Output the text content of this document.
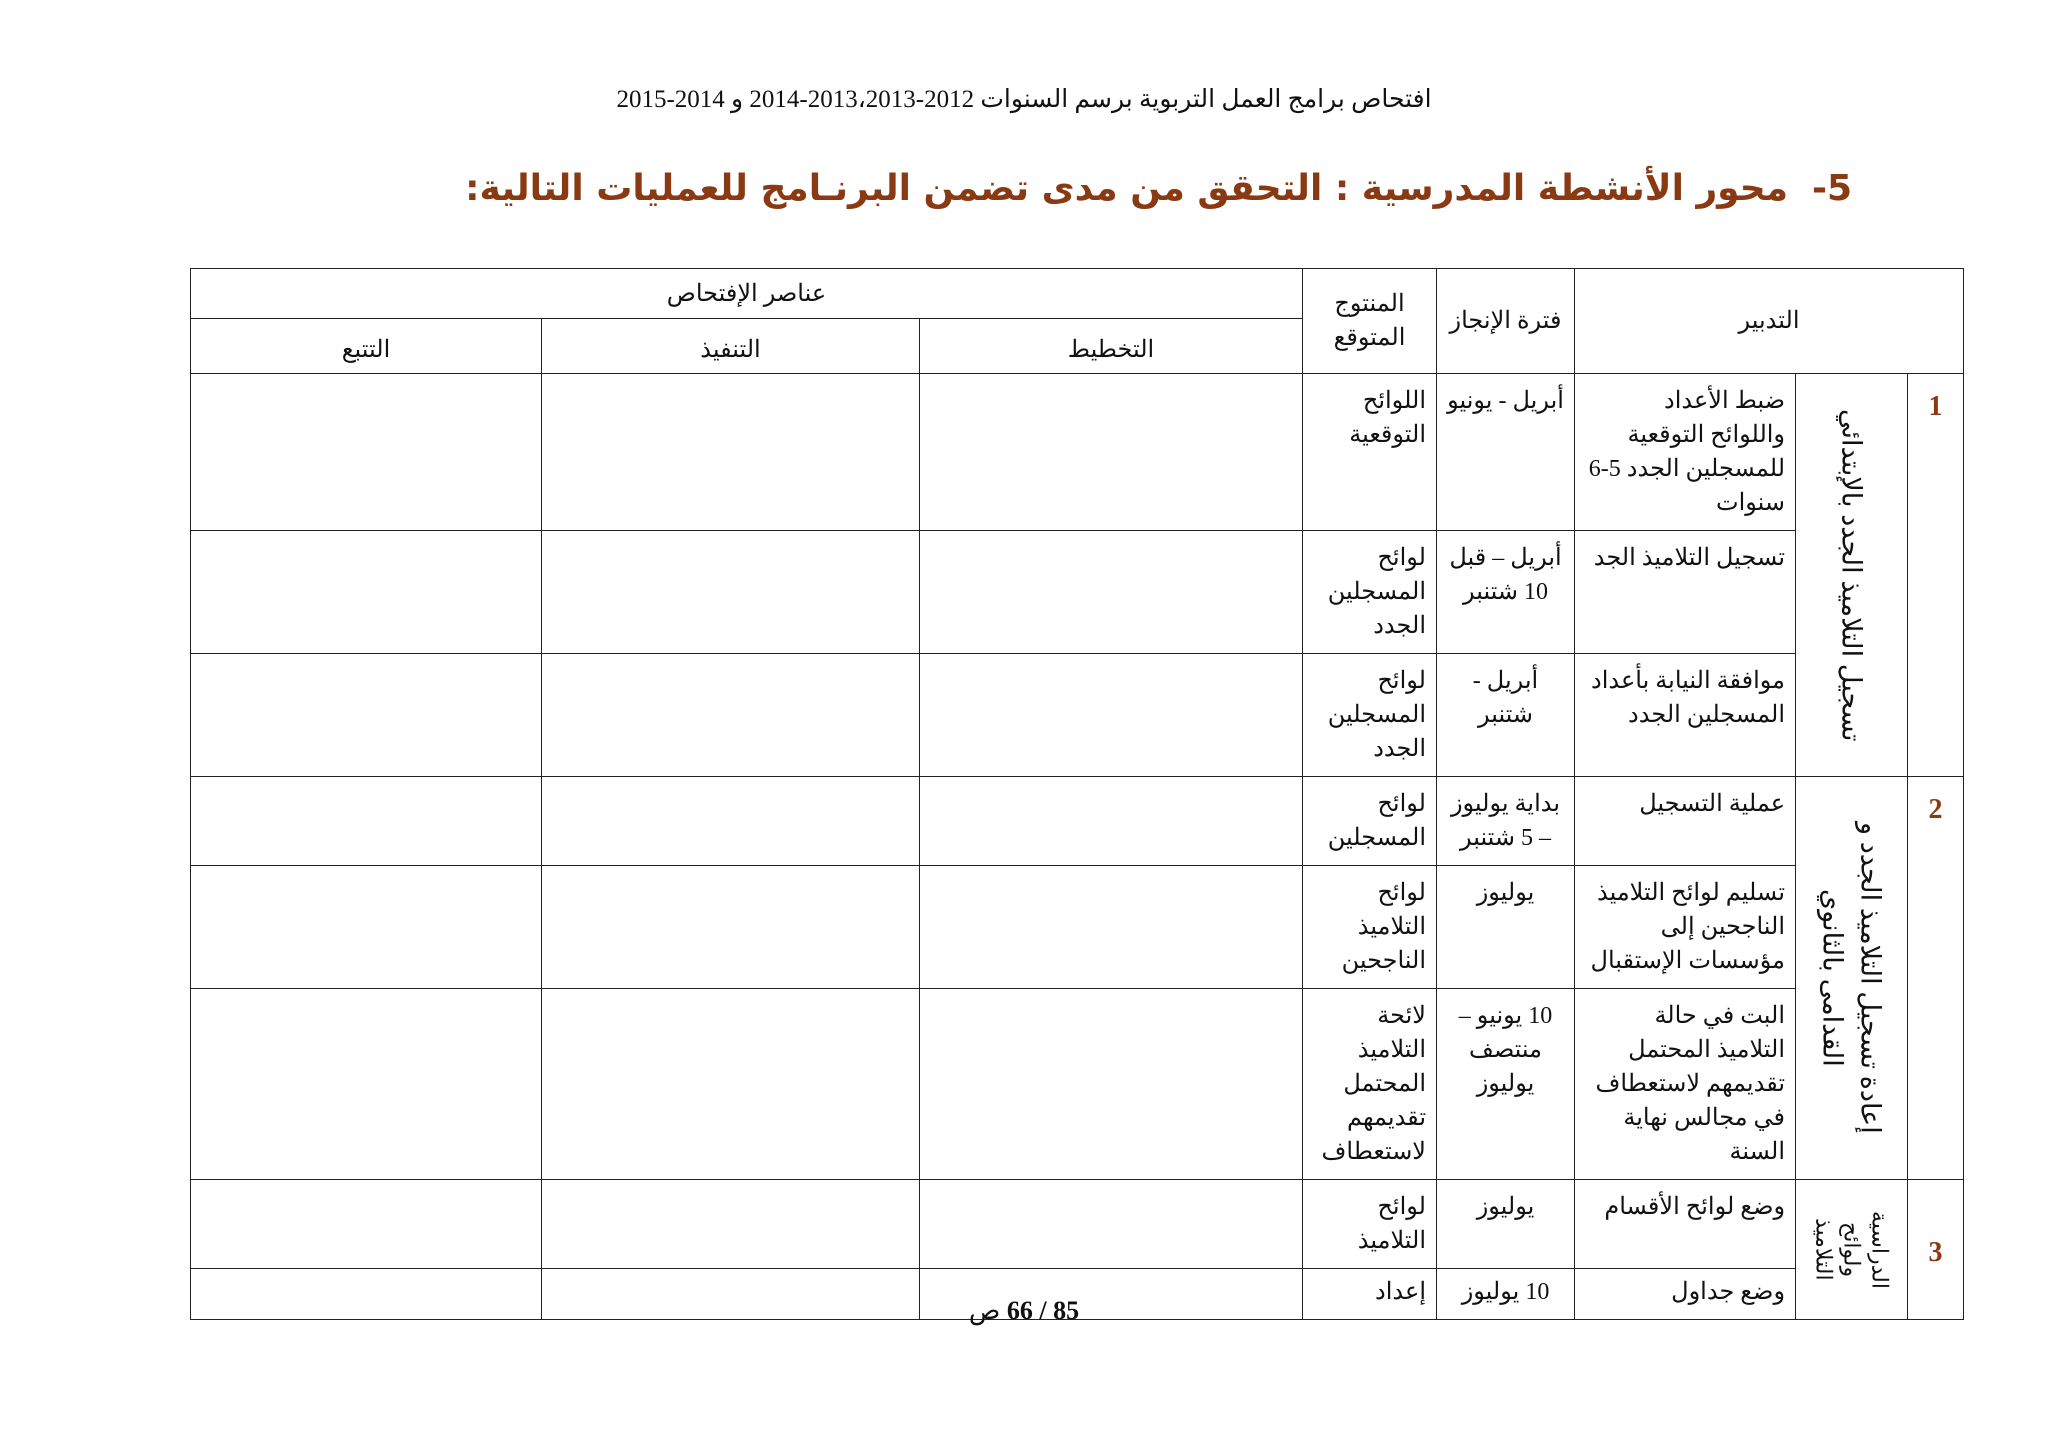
افتحاص برامج العمل التربوية برسم السنوات 2012-2013،2013-2014 و 2014-2015
5-محور الأنشطة المدرسية : التحقق من مدى تضمن البرنـامج للعمليات التالية:
التدبير			فترة الإنجاز	المنتوج المتوقع	عناصر الإفتحاص		
					التخطيط	التنفيذ	التتبع
1	تسجيل التلاميذ الجدد بالإبتدائي	ضبط الأعداد واللوائح التوقعية للمسجلين الجدد 5-6 سنوات	أبريل - يونيو	اللوائح التوقعية			
		تسجيل التلاميذ الجد	أبريل – قبل 10 شتنبر	لوائح المسجلين الجدد			
		موافقة النيابة بأعداد المسجلين الجدد	أبريل - شتنبر	لوائح المسجلين الجدد			
2	إعادة تسجيل التلاميذ الجدد و القدامى بالثانوي	عملية التسجيل	بداية يوليوز – 5 شتنبر	لوائح المسجلين			
		تسليم لوائح التلاميذ الناجحين إلى مؤسسات الإستقبال	يوليوز	لوائح التلاميذ الناجحين			
		البت في حالة التلاميذ المحتمل تقديمهم لاستعطاف في مجالس نهاية السنة	10 يونيو – منتصف يوليوز	لائحة التلاميذ المحتمل تقديمهم لاستعطاف			
3	الدراسية ولوائح التلاميذ	وضع لوائح الأقسام	يوليوز	لوائح التلاميذ			
		وضع جداول	10 يوليوز	إعداد			
85 / 66 ص
